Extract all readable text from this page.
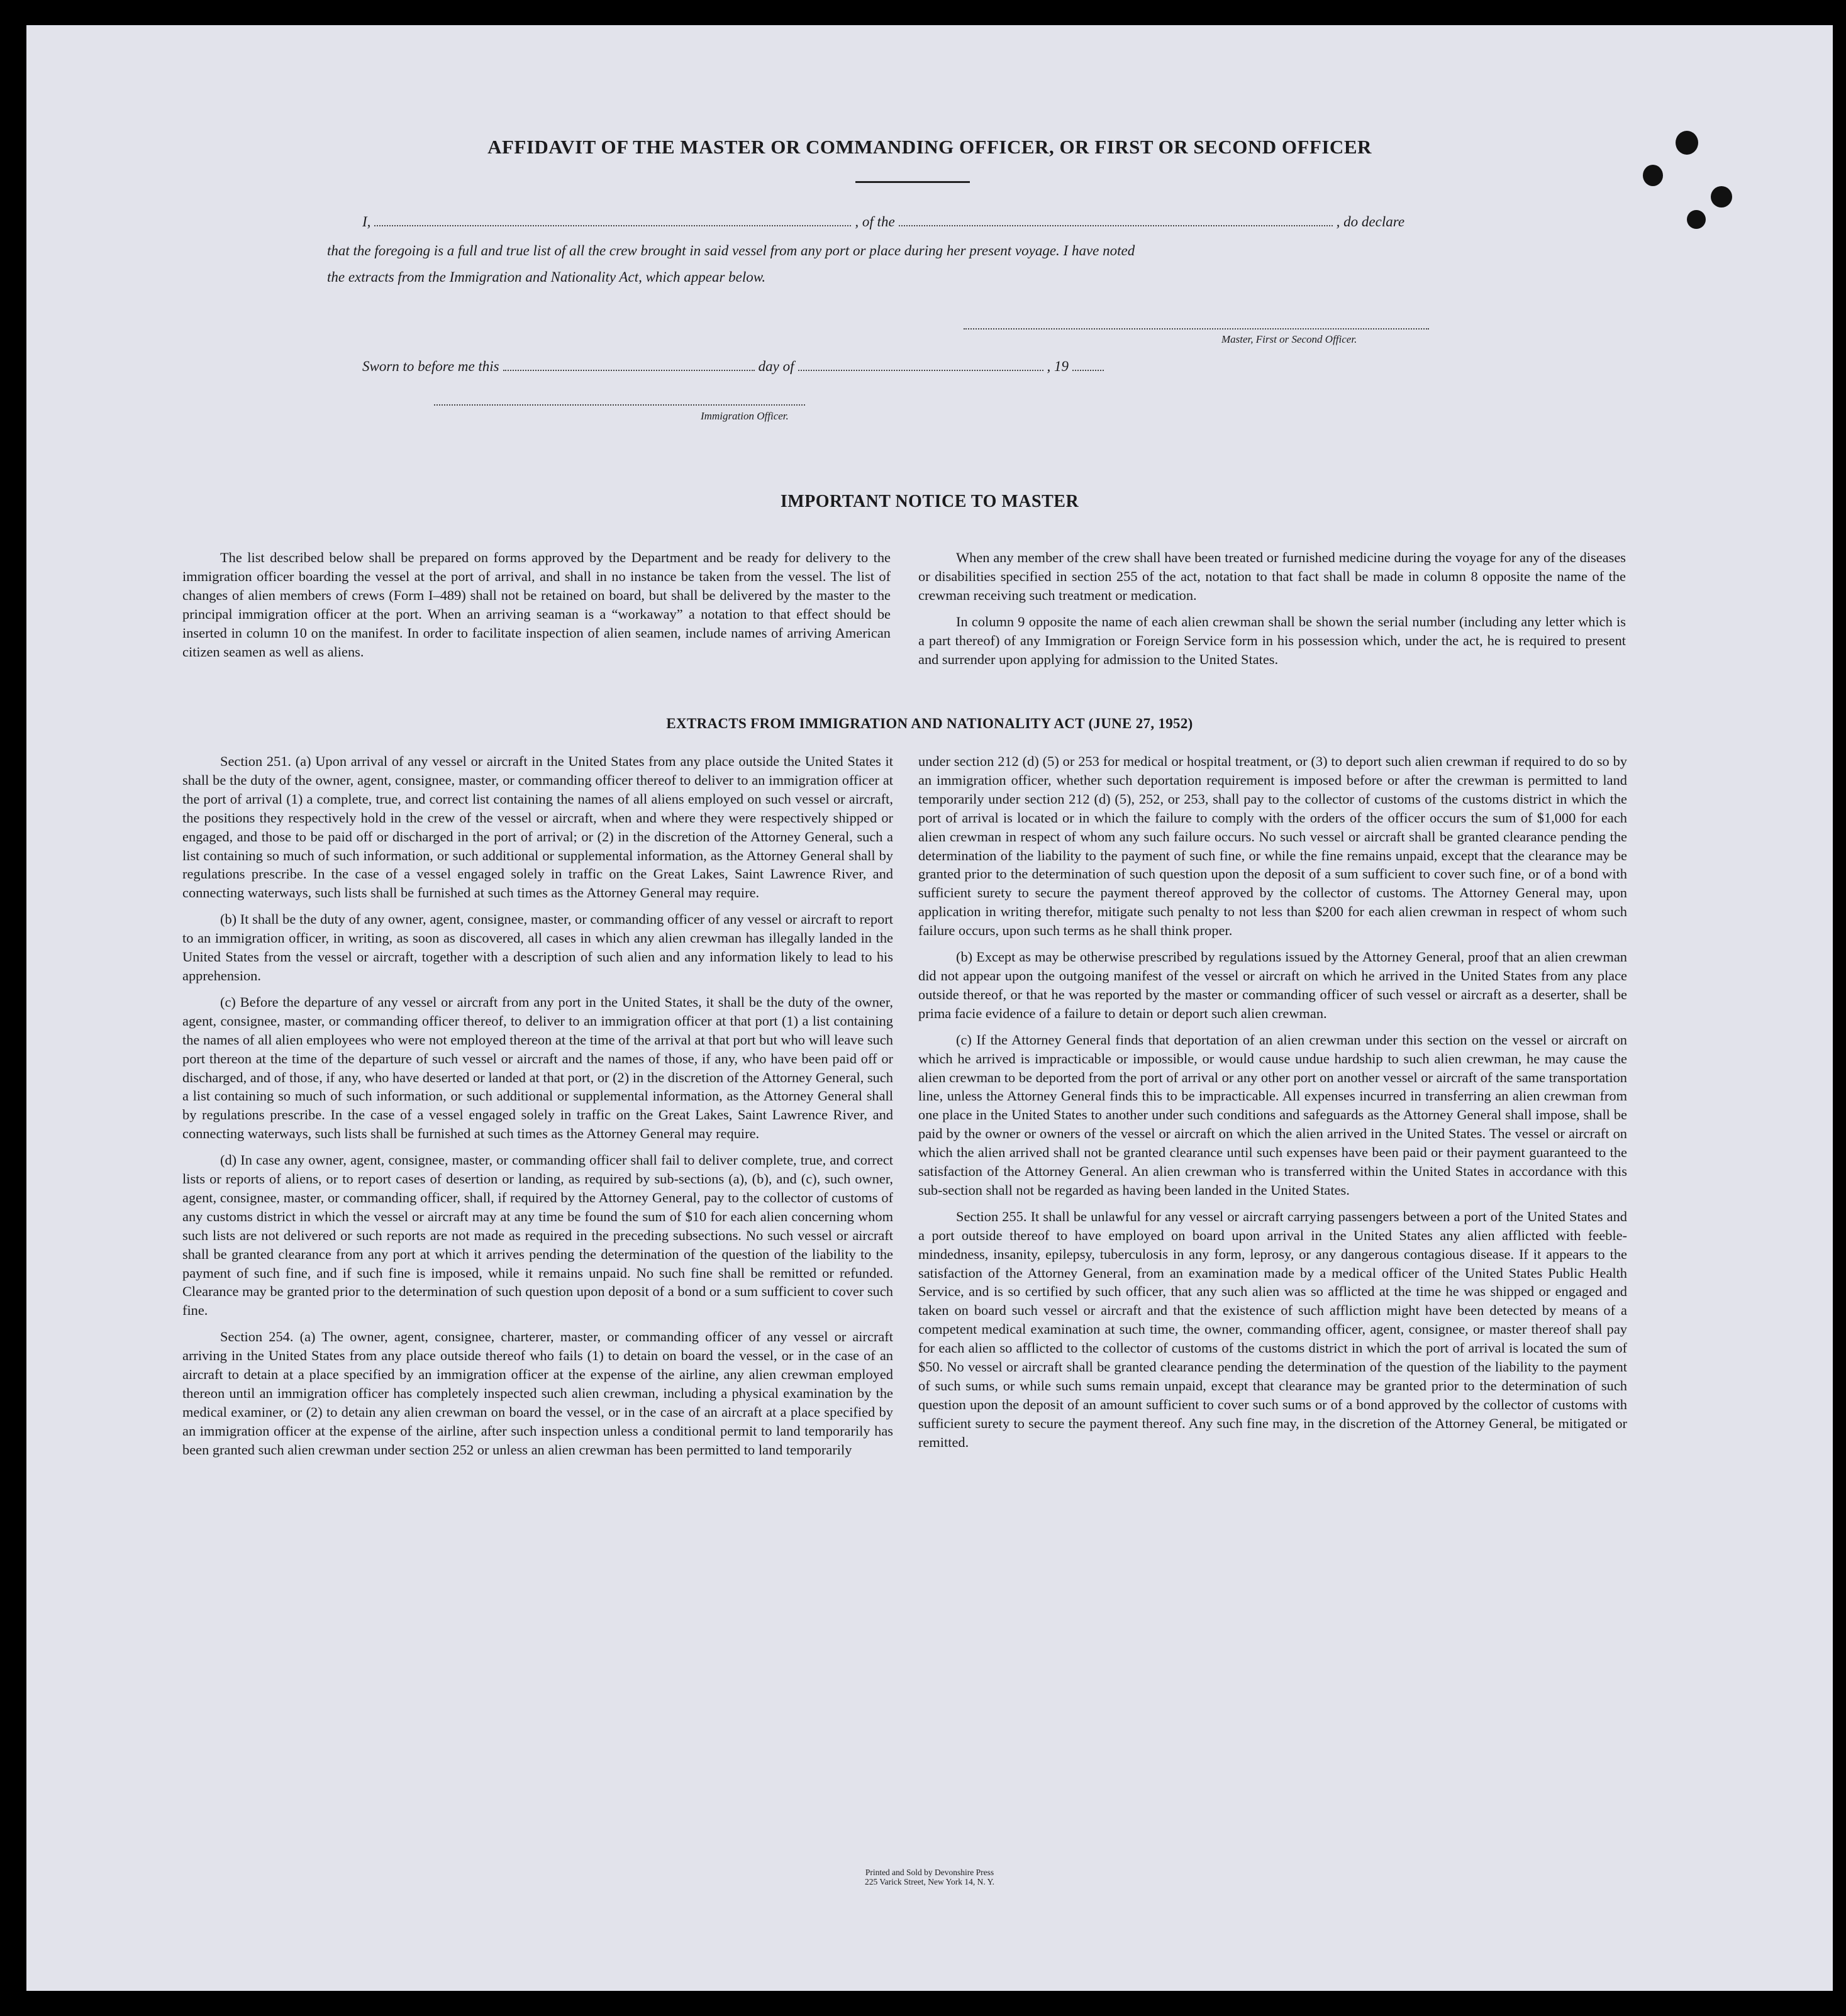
AFFIDAVIT OF THE MASTER OR COMMANDING OFFICER, OR FIRST OR SECOND OFFICER
I,	, of the	, do declare
that the foregoing is a full and true list of all the crew brought in said vessel from any port or place during her present voyage. I have noted
the extracts from the Immigration and Nationality Act, which appear below.
Master, First or Second Officer.
Sworn to before me this	day of	, 19
Immigration Officer.
IMPORTANT NOTICE TO MASTER

The list described below shall be prepared on forms approved by the Department and be ready for delivery to the immigration officer boarding the vessel at the port of arrival, and shall in no instance be taken from the vessel. The list of changes of alien members of crews (Form I–489) shall not be retained on board, but shall be delivered by the master to the principal immigration officer at the port. When an arriving seaman is a “workaway” a notation to that effect should be inserted in column 10 on the manifest. In order to facilitate inspection of alien seamen, include names of arriving American citizen seamen as well as aliens.

When any member of the crew shall have been treated or furnished medicine during the voyage for any of the diseases or disabilities specified in section 255 of the act, notation to that fact shall be made in column 8 opposite the name of the crewman receiving such treatment or medication.

In column 9 opposite the name of each alien crewman shall be shown the serial number (including any letter which is a part thereof) of any Immigration or Foreign Service form in his possession which, under the act, he is required to present and surrender upon applying for admission to the United States.

EXTRACTS FROM IMMIGRATION AND NATIONALITY ACT (JUNE 27, 1952)

Section 251. (a) Upon arrival of any vessel or aircraft in the United States from any place outside the United States it shall be the duty of the owner, agent, consignee, master, or commanding officer thereof to deliver to an immigration officer at the port of arrival (1) a complete, true, and correct list containing the names of all aliens employed on such vessel or aircraft, the positions they respectively hold in the crew of the vessel or aircraft, when and where they were respectively shipped or engaged, and those to be paid off or discharged in the port of arrival; or (2) in the discretion of the Attorney General, such a list containing so much of such information, or such additional or supplemental information, as the Attorney General shall by regulations prescribe. In the case of a vessel engaged solely in traffic on the Great Lakes, Saint Lawrence River, and connecting waterways, such lists shall be furnished at such times as the Attorney General may require.

(b) It shall be the duty of any owner, agent, consignee, master, or commanding officer of any vessel or aircraft to report to an immigration officer, in writing, as soon as discovered, all cases in which any alien crewman has illegally landed in the United States from the vessel or aircraft, together with a description of such alien and any information likely to lead to his apprehension.

(c) Before the departure of any vessel or aircraft from any port in the United States, it shall be the duty of the owner, agent, consignee, master, or commanding officer thereof, to deliver to an immigration officer at that port (1) a list containing the names of all alien employees who were not employed thereon at the time of the arrival at that port but who will leave such port thereon at the time of the departure of such vessel or aircraft and the names of those, if any, who have been paid off or discharged, and of those, if any, who have deserted or landed at that port, or (2) in the discretion of the Attorney General, such a list containing so much of such information, or such additional or supplemental information, as the Attorney General shall by regulations prescribe. In the case of a vessel engaged solely in traffic on the Great Lakes, Saint Lawrence River, and connecting waterways, such lists shall be furnished at such times as the Attorney General may require.

(d) In case any owner, agent, consignee, master, or commanding officer shall fail to deliver complete, true, and correct lists or reports of aliens, or to report cases of desertion or landing, as required by sub-sections (a), (b), and (c), such owner, agent, consignee, master, or commanding officer, shall, if required by the Attorney General, pay to the collector of customs of any customs district in which the vessel or aircraft may at any time be found the sum of $10 for each alien concerning whom such lists are not delivered or such reports are not made as required in the preceding subsections. No such vessel or aircraft shall be granted clearance from any port at which it arrives pending the determination of the question of the liability to the payment of such fine, and if such fine is imposed, while it remains unpaid. No such fine shall be remitted or refunded. Clearance may be granted prior to the determination of such question upon deposit of a bond or a sum sufficient to cover such fine.

Section 254. (a) The owner, agent, consignee, charterer, master, or commanding officer of any vessel or aircraft arriving in the United States from any place outside thereof who fails (1) to detain on board the vessel, or in the case of an aircraft to detain at a place specified by an immigration officer at the expense of the airline, any alien crewman employed thereon until an immigration officer has completely inspected such alien crewman, including a physical examination by the medical examiner, or (2) to detain any alien crewman on board the vessel, or in the case of an aircraft at a place specified by an immigration officer at the expense of the airline, after such inspection unless a conditional permit to land temporarily has been granted such alien crewman under section 252 or unless an alien crewman has been permitted to land temporarily

under section 212 (d) (5) or 253 for medical or hospital treatment, or (3) to deport such alien crewman if required to do so by an immigration officer, whether such deportation requirement is imposed before or after the crewman is permitted to land temporarily under section 212 (d) (5), 252, or 253, shall pay to the collector of customs of the customs district in which the port of arrival is located or in which the failure to comply with the orders of the officer occurs the sum of $1,000 for each alien crewman in respect of whom any such failure occurs. No such vessel or aircraft shall be granted clearance pending the determination of the liability to the payment of such fine, or while the fine remains unpaid, except that the clearance may be granted prior to the determination of such question upon the deposit of a sum sufficient to cover such fine, or of a bond with sufficient surety to secure the payment thereof approved by the collector of customs. The Attorney General may, upon application in writing therefor, mitigate such penalty to not less than $200 for each alien crewman in respect of whom such failure occurs, upon such terms as he shall think proper.

(b) Except as may be otherwise prescribed by regulations issued by the Attorney General, proof that an alien crewman did not appear upon the outgoing manifest of the vessel or aircraft on which he arrived in the United States from any place outside thereof, or that he was reported by the master or commanding officer of such vessel or aircraft as a deserter, shall be prima facie evidence of a failure to detain or deport such alien crewman.

(c) If the Attorney General finds that deportation of an alien crewman under this section on the vessel or aircraft on which he arrived is impracticable or impossible, or would cause undue hardship to such alien crewman, he may cause the alien crewman to be deported from the port of arrival or any other port on another vessel or aircraft of the same transportation line, unless the Attorney General finds this to be impracticable. All expenses incurred in transferring an alien crewman from one place in the United States to another under such conditions and safeguards as the Attorney General shall impose, shall be paid by the owner or owners of the vessel or aircraft on which the alien arrived in the United States. The vessel or aircraft on which the alien arrived shall not be granted clearance until such expenses have been paid or their payment guaranteed to the satisfaction of the Attorney General. An alien crewman who is transferred within the United States in accordance with this sub-section shall not be regarded as having been landed in the United States.

Section 255. It shall be unlawful for any vessel or aircraft carrying passengers between a port of the United States and a port outside thereof to have employed on board upon arrival in the United States any alien afflicted with feeble-mindedness, insanity, epilepsy, tuberculosis in any form, leprosy, or any dangerous contagious disease. If it appears to the satisfaction of the Attorney General, from an examination made by a medical officer of the United States Public Health Service, and is so certified by such officer, that any such alien was so afflicted at the time he was shipped or engaged and taken on board such vessel or aircraft and that the existence of such affliction might have been detected by means of a competent medical examination at such time, the owner, commanding officer, agent, consignee, or master thereof shall pay for each alien so afflicted to the collector of customs of the customs district in which the port of arrival is located the sum of $50. No vessel or aircraft shall be granted clearance pending the determination of the question of the liability to the payment of such sums, or while such sums remain unpaid, except that clearance may be granted prior to the determination of such question upon the deposit of an amount sufficient to cover such sums or of a bond approved by the collector of customs with sufficient surety to secure the payment thereof. Any such fine may, in the discretion of the Attorney General, be mitigated or remitted.

Printed and Sold by Devonshire Press
225 Varick Street, New York 14, N. Y.
